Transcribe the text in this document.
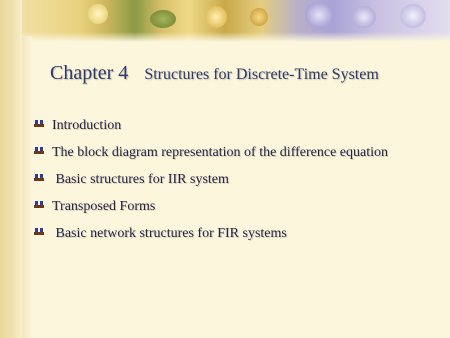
Chapter 4 Structures for Discrete-Time System
Introduction
The block diagram representation of the difference equation
Basic structures for IIR system
Transposed Forms
Basic network structures for FIR systems
